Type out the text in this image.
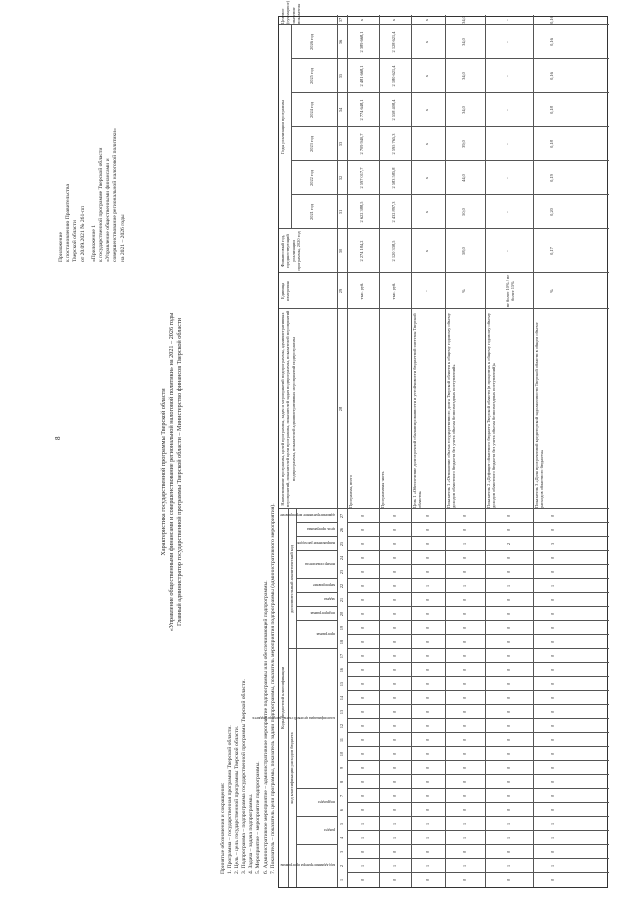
8
Приложение к постановлению Правительства Тверской области от 20.09.2021 № 261-пп «Приложение 1 к государственной программе Тверской области «Управление общественными финансами и совершенствование региональной налоговой политики» на 2021 – 2026 годы
Характеристика государственной программы Тверской области «Управление общественными финансами и совершенствование региональной налоговой политики» на 2021 – 2026 годы Главный администратор государственной программы Тверской области – Министерство финансов Тверской области
Принятые обозначения и сокращения: 1. Программа – государственная программа Тверской области. 2. Цель – цель государственной программы Тверской области. 3. Подпрограмма – подпрограмма государственной программы Тверской области. 4. Задача – задача подпрограммы. 5. Мероприятие – мероприятие подпрограммы. 6. Административное мероприятие – административное мероприятие подпрограммы или обеспечивающей подпрограммы. 7. Показатель – показатель цели программы, показатель задачи подпрограммы, показатель мероприятия подпрограммы (административного мероприятия). Коды бюджетной классификации
код классификации расходов бюджета
дополнительный аналитический код
код администратора программы
раздел
подраздел
классификация целевой статьи расхода бюджета
программа
подпрограмма
задача
мероприятие
номер показателя
направление расходов
цель программы
административное мероприятие
Наименование программы, целей программы, задач и мероприятий подпрограммы, административных мероприятий, показателей цели программы, показателей задач подпрограммы, показателей мероприятий подпрограммы, показателей административных мероприятий подпрограммы
Единица измерения
Финансовый год, предшествующий реализации программы, 2020 год
Годы реализации программы
2021 год
2022 год
2023 год
2024 год
2025 год
2026 год
Целевое (суммарное) значение показателя
1
2
3
4
5
6
7
8
9
10
11
12
13
14
15
16
17
18
19
20
21
22
23
24
25
26
27
28
29
30
31
32
33
34
35
36
37
0
1
0
1
1
0
0
0
0
0
0
0
0
0
0
0
0
0
0
0
0
0
0
0
0
0
0
Программа, всего
тыс. руб.
2 274 184,2
2 622 388,5
2 597 017,7
2 709 940,7
2 774 648,1
2 481 668,1
2 389 668,1
х
0
1
0
1
1
0
0
0
0
0
0
0
0
0
0
0
0
0
0
0
0
0
0
0
0
0
0
Программная часть
тыс. руб.
2 120 338,5
2 432 897,3
2 583 585,8
2 595 765,3
2 558 408,4
2 180 621,4
2 128 621,4
х
0
1
0
1
1
0
0
0
0
0
0
0
0
0
0
0
0
0
0
0
0
1
0
0
0
0
0
Цель 1 «Обеспечение долгосрочной сбалансированности и устойчивости бюджетной системы Тверской области»
-
х
х
х
х
х
х
х
х
0
1
0
1
1
0
0
0
0
0
0
0
0
0
0
0
0
0
0
0
0
1
0
0
1
0
0
Показатель 1 «Отношение объема государственного долга Тверской области к общему годовому объему доходов областного бюджета без учета объема безвозмездных поступлений»
%
58,0
50,0
44,0
39,0
34,0
34,0
34,0
34,0
0
1
0
1
1
0
0
0
0
0
0
0
0
0
0
0
0
0
0
0
0
1
0
0
2
0
0
Показатель 2 «Дефицит областного бюджета Тверской области (в процентах к общему годовому объему доходов областного бюджета без учета объема безвозмездных поступлений)»
не более 10% / не более 15%
-
-
-
-
-
-
-
-
0
1
0
1
1
0
0
0
0
0
0
0
0
0
0
0
0
0
0
0
0
1
0
0
3
0
0
Показатель 3 «Доля просроченной кредиторской задолженности Тверской области в общем объеме расходов областного бюджета»
%
0,17
0,20
0,19
0,18
0,18
0,16
0,16
0,16
